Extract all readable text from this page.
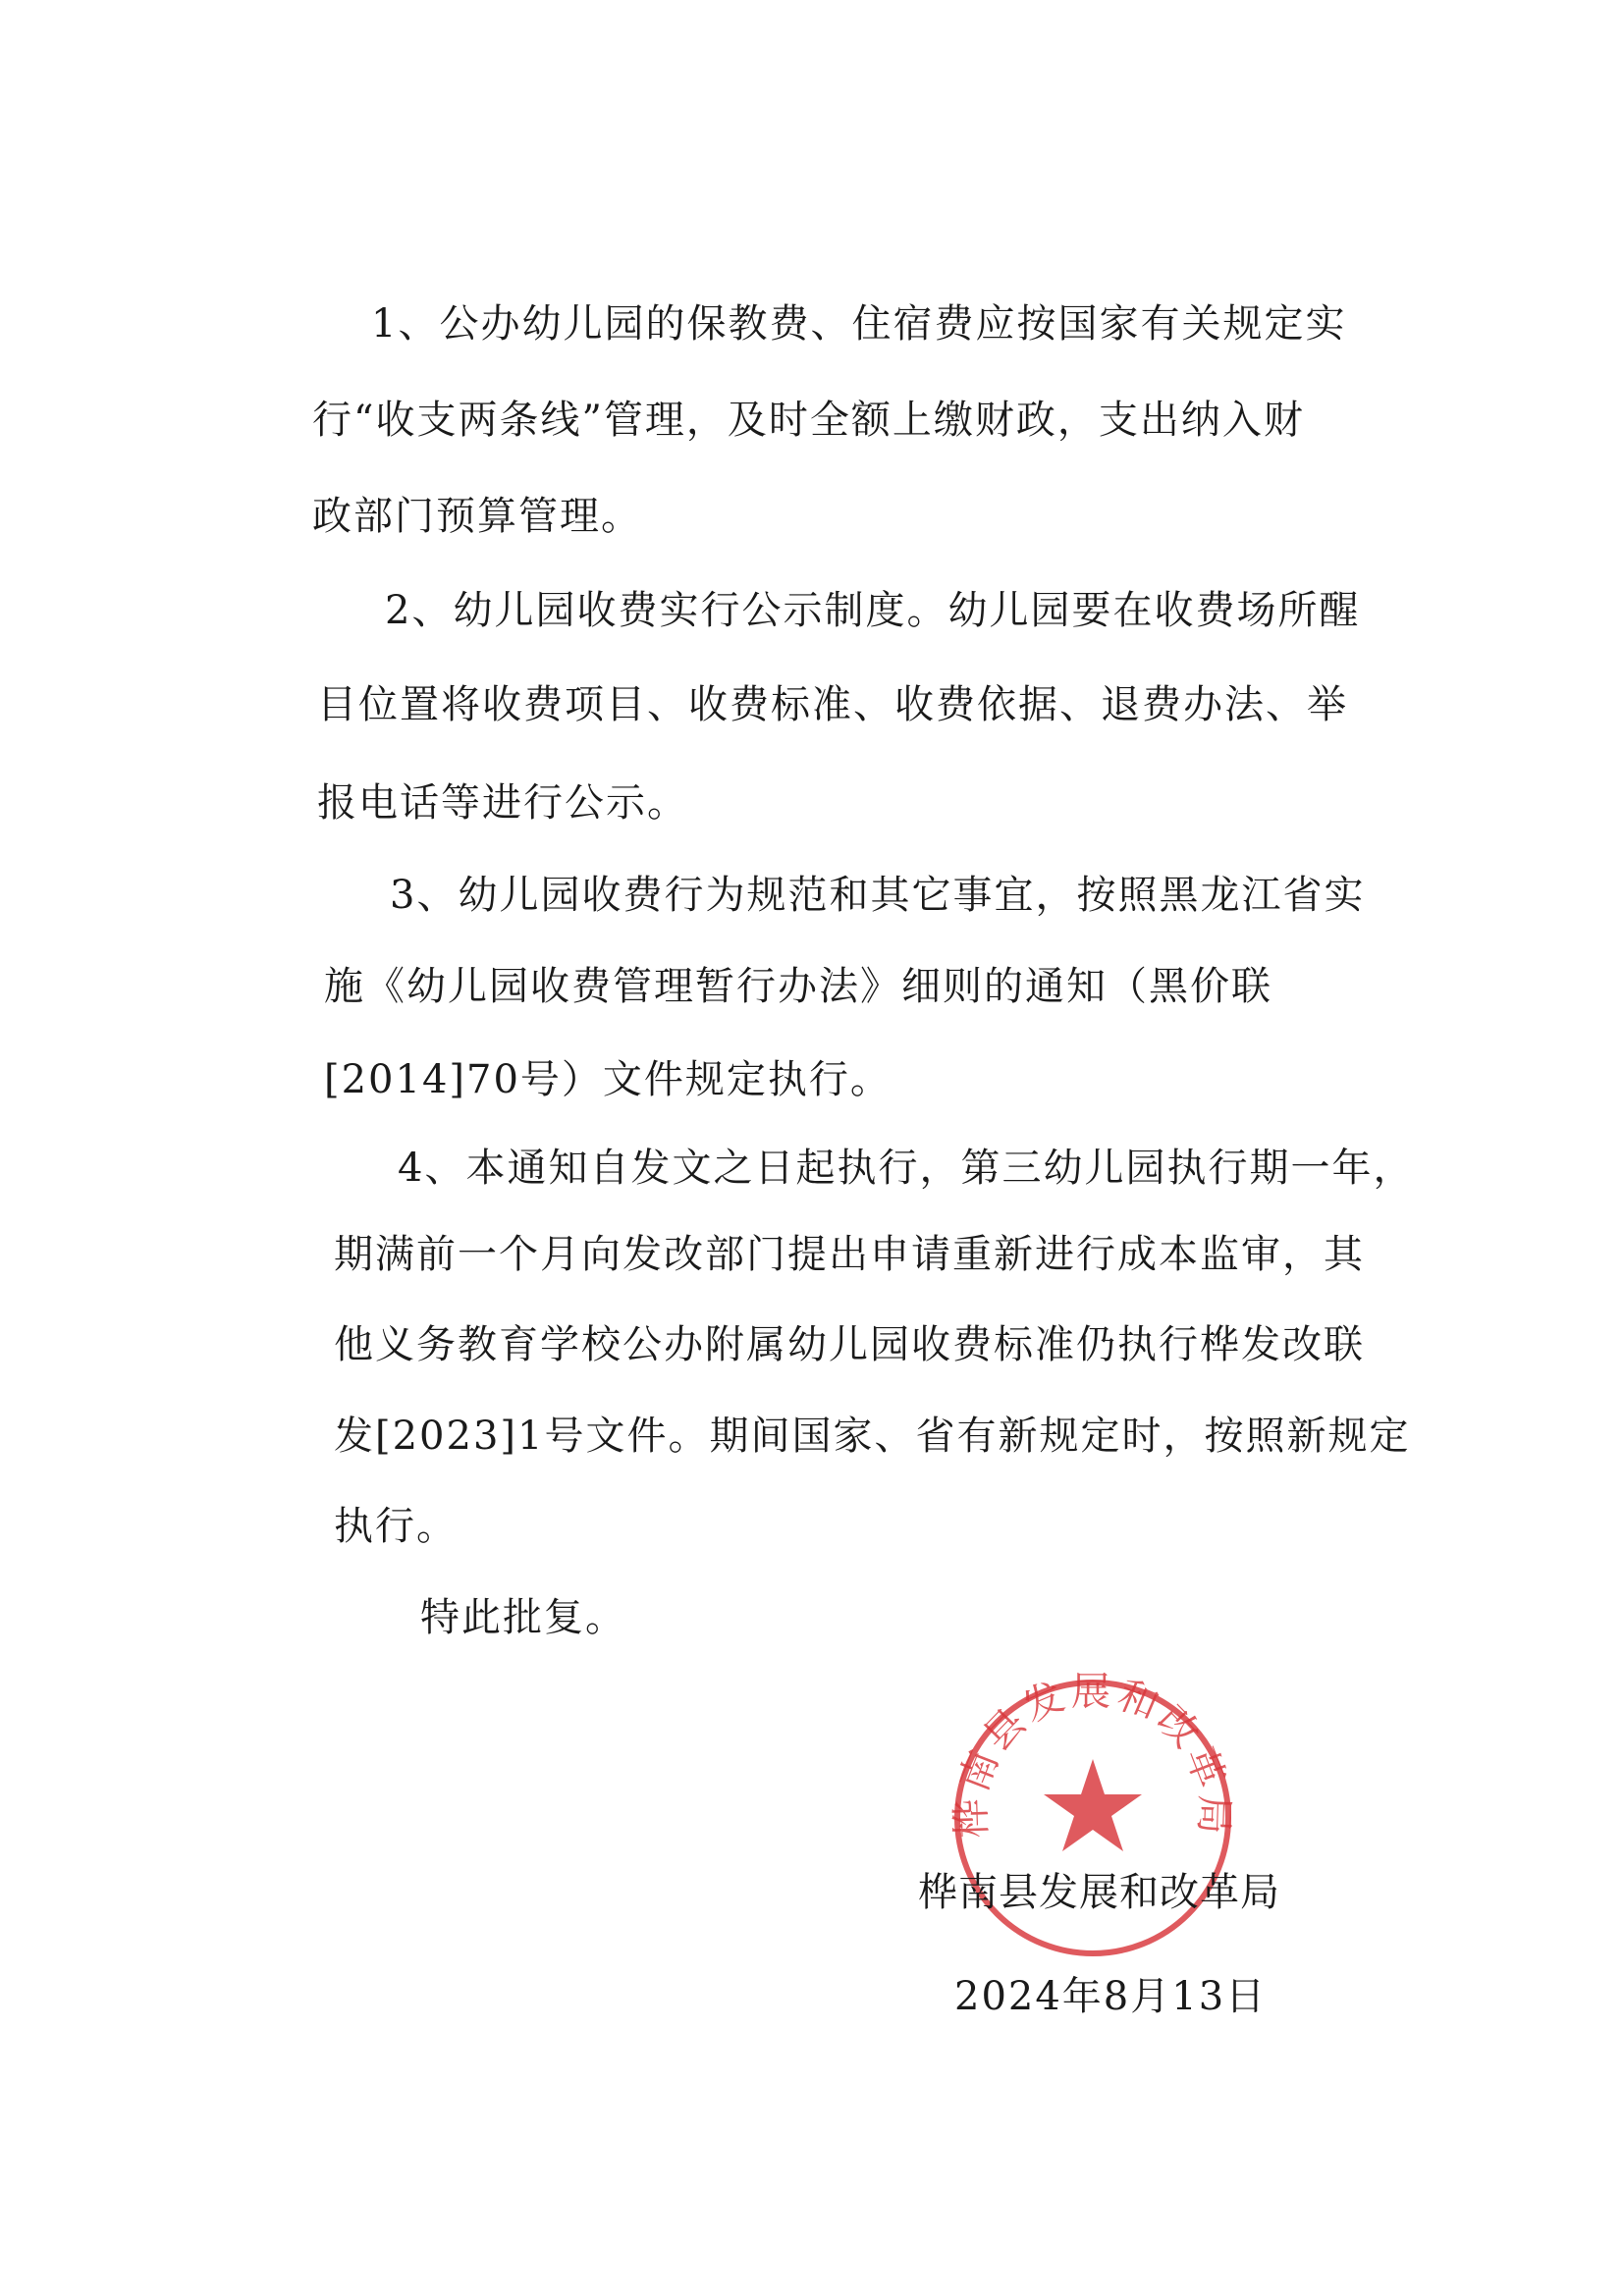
1、公办幼儿园的保教费、住宿费应按国家有关规定实
行“收支两条线”管理，及时全额上缴财政，支出纳入财
政部门预算管理。
2、幼儿园收费实行公示制度。幼儿园要在收费场所醒
目位置将收费项目、收费标准、收费依据、退费办法、举
报电话等进行公示。
3、幼儿园收费行为规范和其它事宜，按照黑龙江省实
施《幼儿园收费管理暂行办法》细则的通知（黑价联
[2014]70号）文件规定执行。
4、本通知自发文之日起执行，第三幼儿园执行期一年，
期满前一个月向发改部门提出申请重新进行成本监审，其
他义务教育学校公办附属幼儿园收费标准仍执行桦发改联
发[2023]1号文件。期间国家、省有新规定时，按照新规定
执行。
特此批复。
桦南县发展和改革局
桦南县发展和改革局
2024年8月13日
